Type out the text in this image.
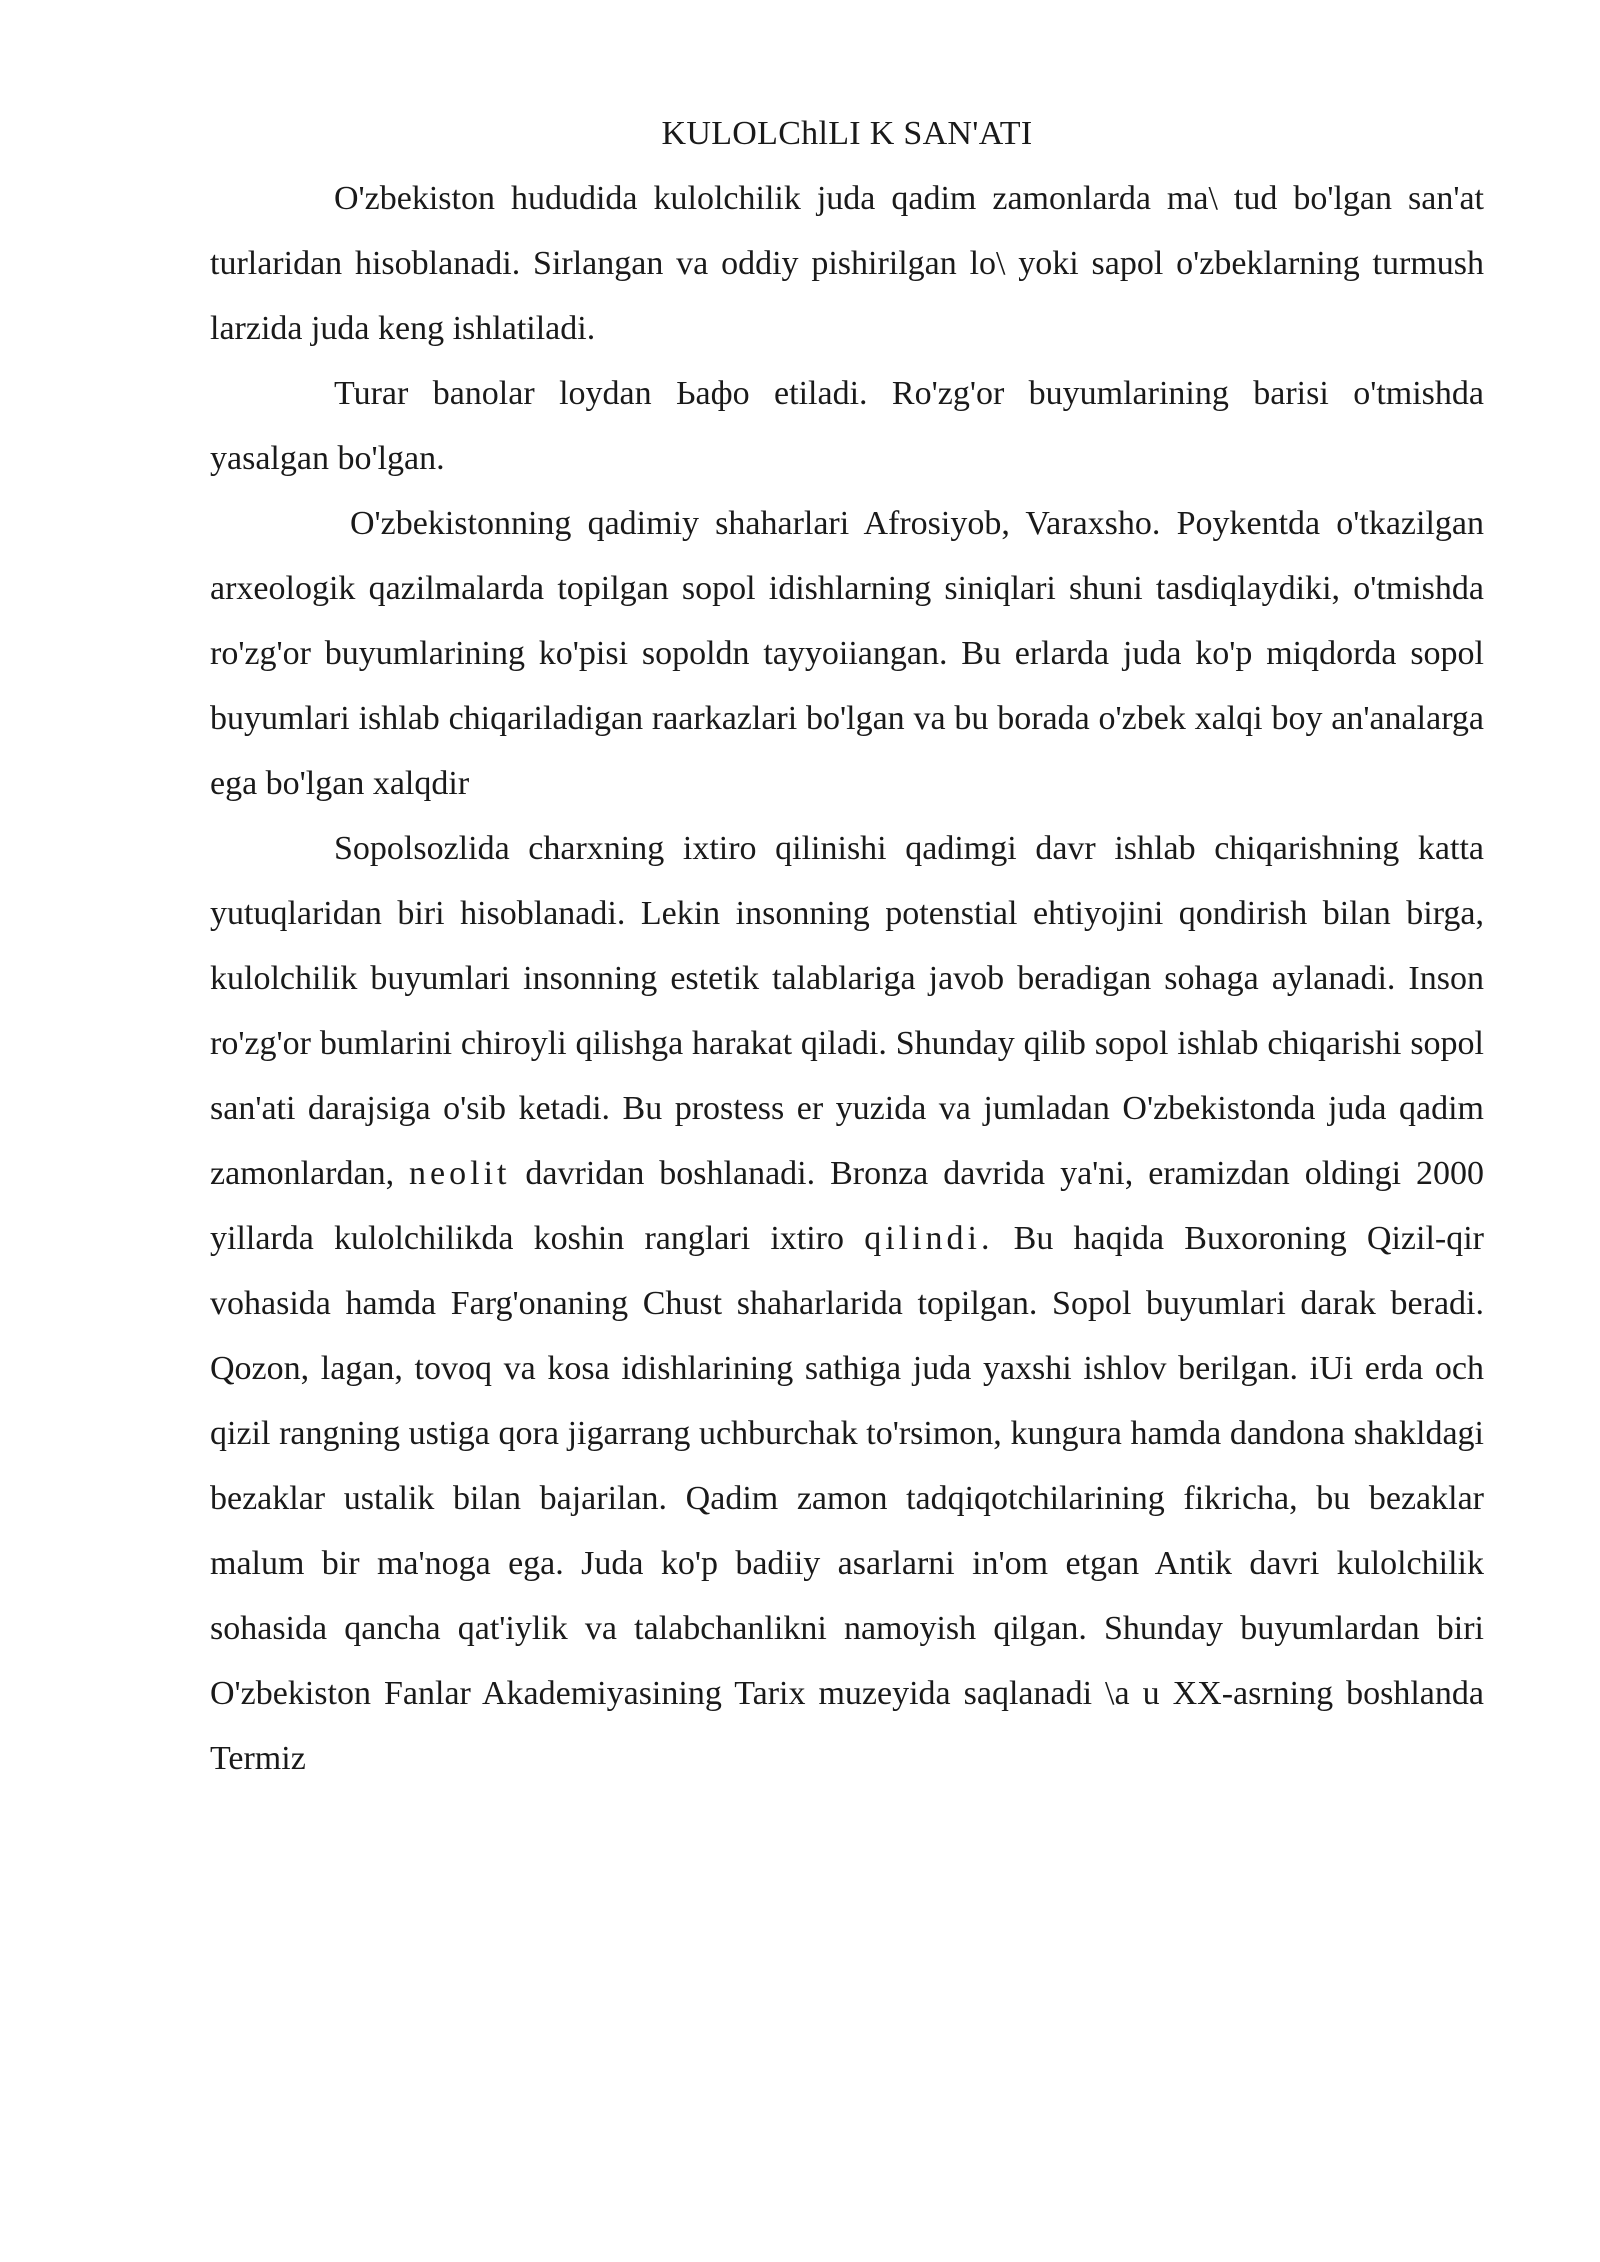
KULOLChlLI K SAN'ATI

O'zbekiston hududida kulolchilik juda qadim zamonlarda ma\ tud bo'lgan san'at turlaridan hisoblanadi. Sirlangan va oddiy pishirilgan lo\ yoki sapol o'zbeklarning turmush larzida juda keng ishlatiladi.

Turar banolar loydan Ьафо etiladi. Ro'zg'or buyumlarining barisi o'tmishda yasalgan bo'lgan.

O'zbekistonning qadimiy shaharlari Afrosiyob, Varaxsho. Poykentda o'tkazilgan arxeologik qazilmalarda topilgan sopol idishlarning siniqlari shuni tasdiqlaydiki, o'tmishda ro'zg'or buyumlarining ko'pisi sopoldn tayyoiiangan. Bu erlarda juda ko'p miqdorda sopol buyumlari ishlab chiqariladigan raarkazlari bo'lgan va bu borada o'zbek xalqi boy an'analarga ega bo'lgan xalqdir

Sopolsozlida charxning ixtiro qilinishi qadimgi davr ishlab chiqarishning katta yutuqlaridan biri hisoblanadi. Lekin insonning potenstial ehtiyojini qondirish bilan birga, kulolchilik buyumlari insonning estetik talablariga javob beradigan sohaga aylanadi. Inson ro'zg'or bumlarini chiroyli qilishga harakat qiladi. Shunday qilib sopol ishlab chiqarishi sopol san'ati darajsiga o'sib ketadi. Bu prostess er yuzida va jumladan O'zbekistonda juda qadim zamonlardan, neolit davridan boshlanadi. Bronza davrida ya'ni, eramizdan oldingi 2000 yillarda kulolchilikda koshin ranglari ixtiro qilindi. Bu haqida Buxoroning Qizil-qir vohasida hamda Farg'onaning Chust shaharlarida topilgan. Sopol buyumlari darak beradi. Qozon, lagan, tovoq va kosa idishlarining sathiga juda yaxshi ishlov berilgan. iUi erda och qizil rangning ustiga qora jigarrang uchburchak to'rsimon, kungura hamda dandona shakldagi bezaklar ustalik bilan bajarilan. Qadim zamon tadqiqotchilarining fikricha, bu bezaklar malum bir ma'noga ega. Juda ko'p badiiy asarlarni in'om etgan Antik davri kulolchilik sohasida qancha qat'iylik va talabchanlikni namoyish qilgan. Shunday buyumlardan biri O'zbekiston Fanlar Akademiyasining Tarix muzeyida saqlanadi \a u XX-asrning boshlanda Termiz
